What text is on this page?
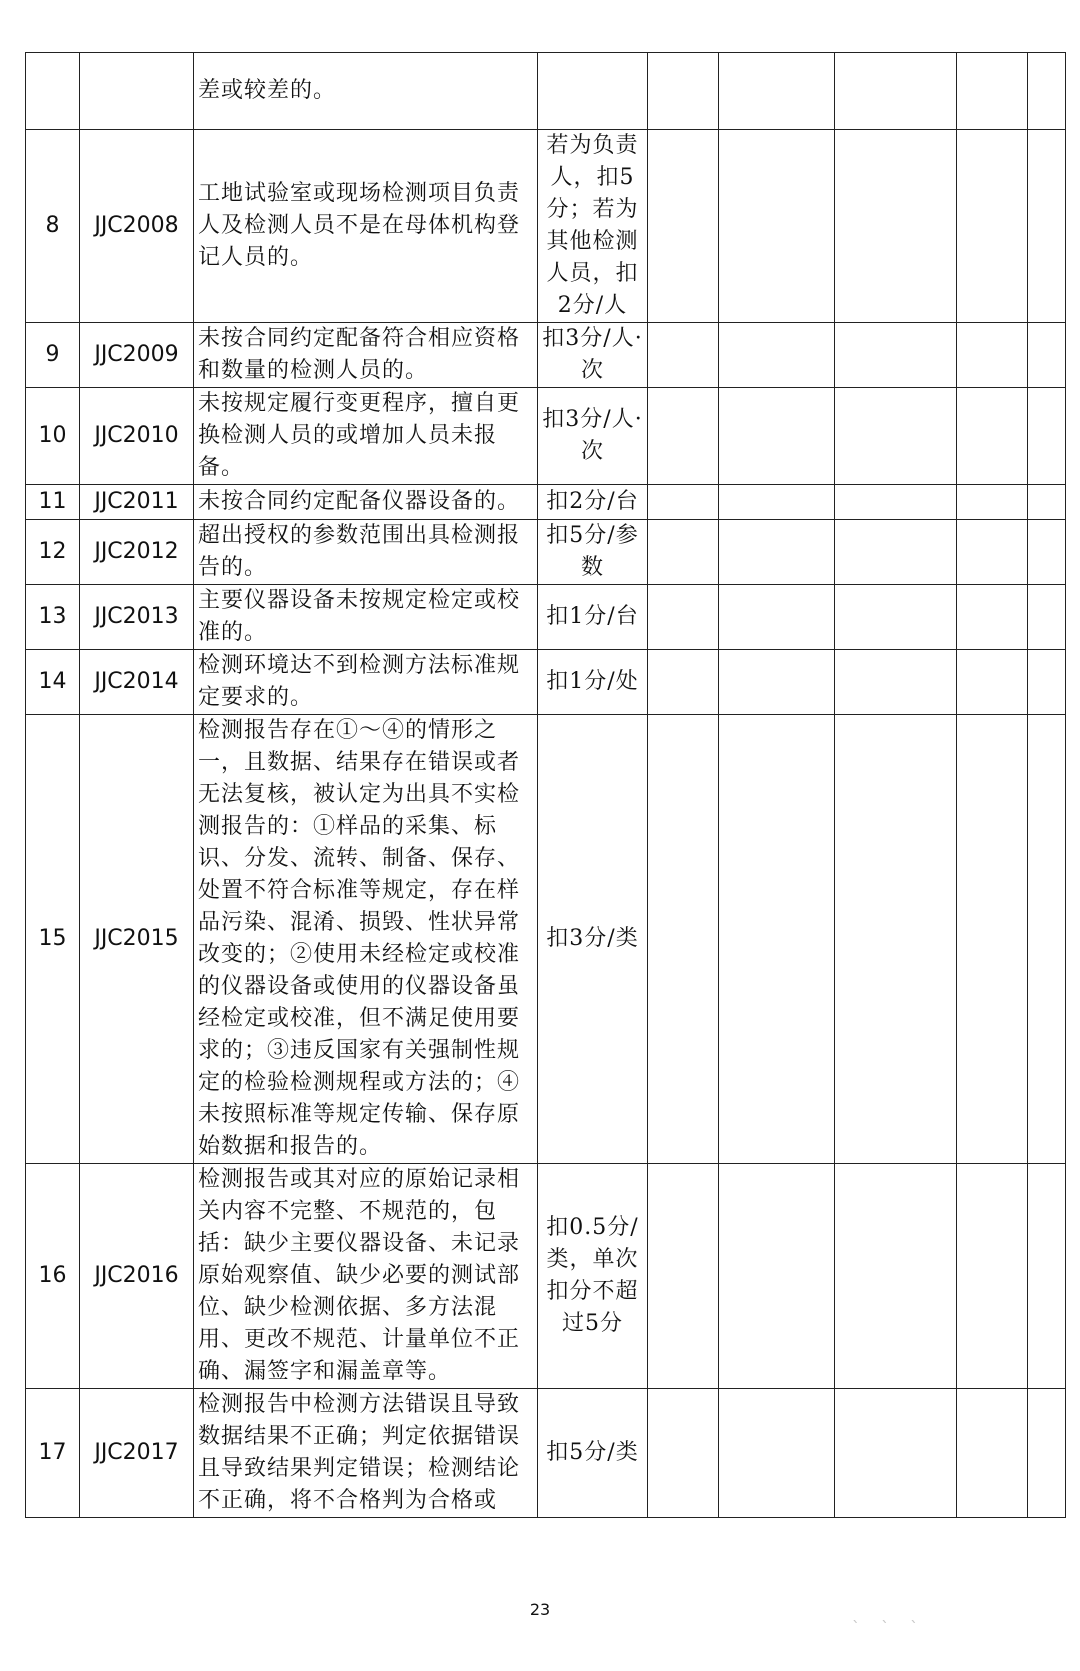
		差或较差的。						
8	JJC2008	工地试验室或现场检测项目负责人及检测人员不是在母体机构登记人员的。	若为负责人，扣5分；若为其他检测人员，扣2分/人					
9	JJC2009	未按合同约定配备符合相应资格和数量的检测人员的。	扣3分/人·次					
10	JJC2010	未按规定履行变更程序，擅自更换检测人员的或增加人员未报备。	扣3分/人·次					
11	JJC2011	未按合同约定配备仪器设备的。	扣2分/台					
12	JJC2012	超出授权的参数范围出具检测报告的。	扣5分/参数					
13	JJC2013	主要仪器设备未按规定检定或校准的。	扣1分/台					
14	JJC2014	检测环境达不到检测方法标准规定要求的。	扣1分/处					
15	JJC2015	检测报告存在①～④的情形之一，且数据、结果存在错误或者无法复核，被认定为出具不实检测报告的：①样品的采集、标识、分发、流转、制备、保存、处置不符合标准等规定，存在样品污染、混淆、损毁、性状异常改变的；②使用未经检定或校准的仪器设备或使用的仪器设备虽经检定或校准，但不满足使用要求的；③违反国家有关强制性规定的检验检测规程或方法的；④未按照标准等规定传输、保存原始数据和报告的。	扣3分/类					
16	JJC2016	检测报告或其对应的原始记录相关内容不完整、不规范的，包括：缺少主要仪器设备、未记录原始观察值、缺少必要的测试部位、缺少检测依据、多方法混用、更改不规范、计量单位不正确、漏签字和漏盖章等。	扣0.5分/类，单次扣分不超过5分					
17	JJC2017	检测报告中检测方法错误且导致数据结果不正确；判定依据错误且导致结果判定错误；检测结论不正确，将不合格判为合格或	扣5分/类					
23
` ` `
